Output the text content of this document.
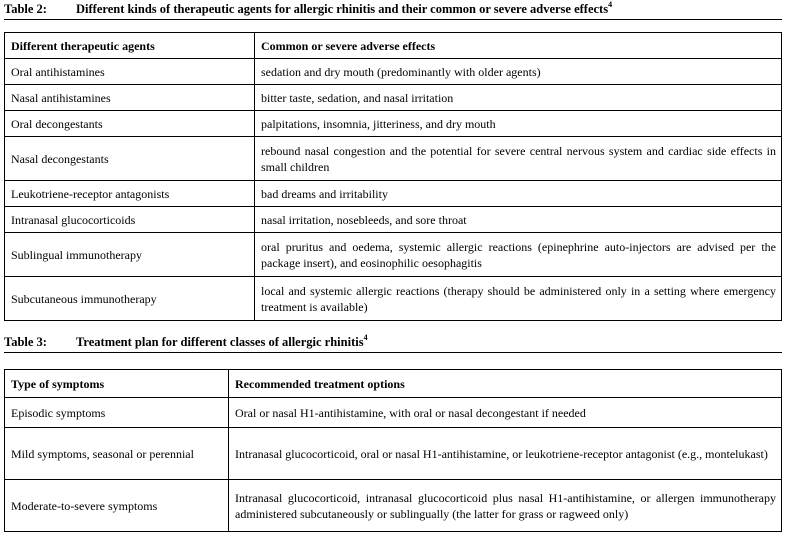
Table 2: Different kinds of therapeutic agents for allergic rhinitis and their common or severe adverse effects$^4$
Different therapeutic agents	Common or severe adverse effects
Oral antihistamines	sedation and dry mouth (predominantly with older agents)
Nasal antihistamines	bitter taste, sedation, and nasal irritation
Oral decongestants	palpitations, insomnia, jitteriness, and dry mouth
Nasal decongestants	rebound nasal congestion and the potential for severe central nervous system and cardiac side effects in small children
Leukotriene-receptor antagonists	bad dreams and irritability
Intranasal glucocorticoids	nasal irritation, nosebleeds, and sore throat
Sublingual immunotherapy	oral pruritus and oedema, systemic allergic reactions (epinephrine auto-injectors are advised per the package insert), and eosinophilic oesophagitis
Subcutaneous immunotherapy	local and systemic allergic reactions (therapy should be administered only in a setting where emergency treatment is available)
Table 3: Treatment plan for different classes of allergic rhinitis$^4$
Type of symptoms	Recommended treatment options
Episodic symptoms	Oral or nasal H1-antihistamine, with oral or nasal decongestant if needed
Mild symptoms, seasonal or perennial	Intranasal glucocorticoid, oral or nasal H1-antihistamine, or leukotriene-receptor antagonist (e.g., montelukast)
Moderate-to-severe symptoms	Intranasal glucocorticoid, intranasal glucocorticoid plus nasal H1-antihistamine, or allergen immunotherapy administered subcutaneously or sublingually (the latter for grass or ragweed only)
